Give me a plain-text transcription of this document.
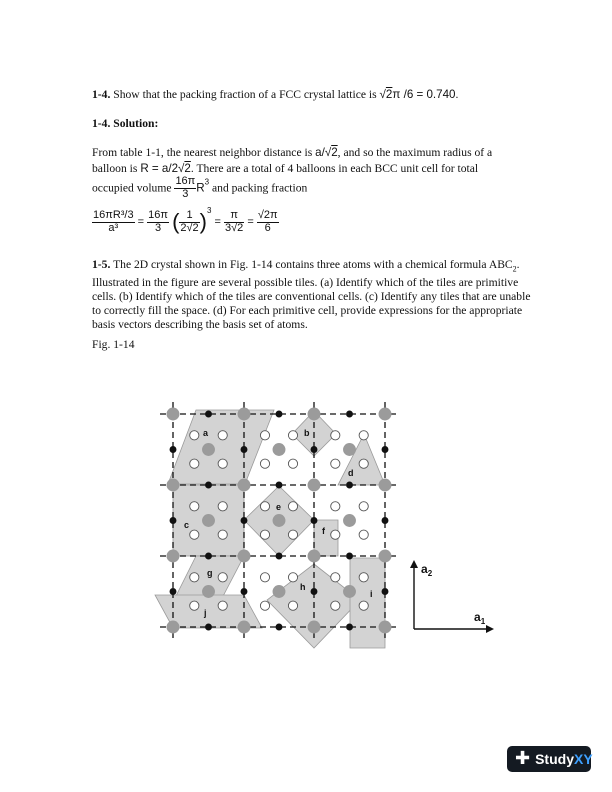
1-4. Show that the packing fraction of a FCC crystal lattice is √2π /6 = 0.740.
1-4. Solution:
From table 1-1, the nearest neighbor distance is a/√2, and so the maximum radius of a
balloon is R = a/2√2. There are a total of 4 balloons in each BCC unit cell for total
occupied volume $\frac{16\pi}{3} R^3$ and packing fraction
$\frac{\text{16πR³/3}}{\text{a³}} = \frac{16\pi}{3}$ ( $\frac{1}{2√2} )^3 = \frac{\pi}{3√2} = \frac{√2\pi}{6}$
1-5. The 2D crystal shown in Fig. 1-14 contains three atoms with a chemical formula $ABC_2$. Illustrated in the figure are several possible tiles. (a) Identify which of the tiles are primitive cells. (b) Identify which of the tiles are conventional cells. (c) Identify any tiles that are unable to correctly fill the space. (d) For each primitive cell, provide expressions for the appropriate basis vectors describing the basis set of atoms.
Fig. 1-14
a	b
c
d
e
f
g
h
i
j	$a_1$
$a_2$
✚ StudyXY
